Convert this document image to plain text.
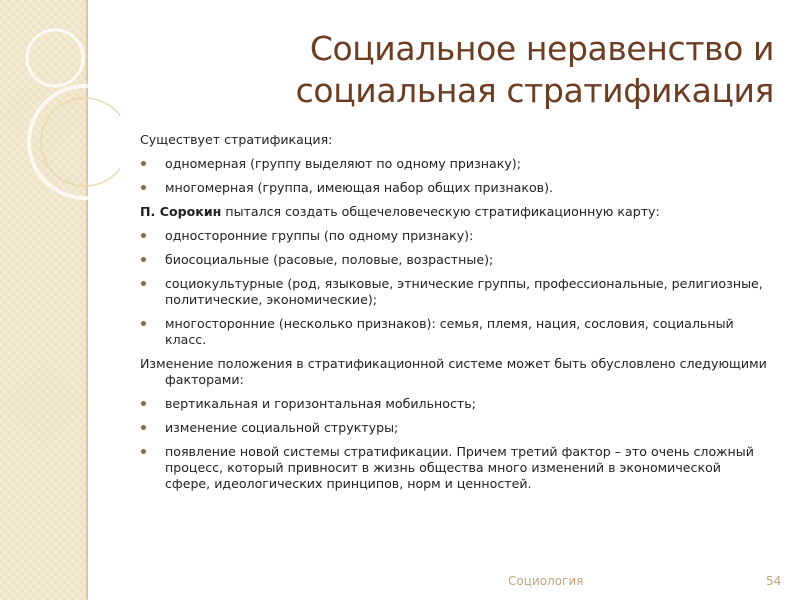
Социальное неравенство и
социальная стратификация

Существует стратификация:

одномерная (группу выделяют по одному признаку);

многомерная (группа, имеющая набор общих признаков).

П. Сорокин пытался создать общечеловеческую стратификационную карту:

односторонние группы (по одному признаку):

биосоциальные (расовые, половые, возрастные);

социокультурные (род, языковые, этнические группы, профессиональные, религиозные, политические, экономические);

многосторонние (несколько признаков): семья, племя, нация, сословия, социальный класс.

Изменение положения в стратификационной системе может быть обусловлено следующими факторами:

вертикальная и горизонтальная мобильность;

изменение социальной структуры;

появление новой системы стратификации. Причем третий фактор – это очень сложный процесс, который привносит в жизнь общества много изменений в экономической сфере, идеологических принципов, норм и ценностей.

Социология	54
